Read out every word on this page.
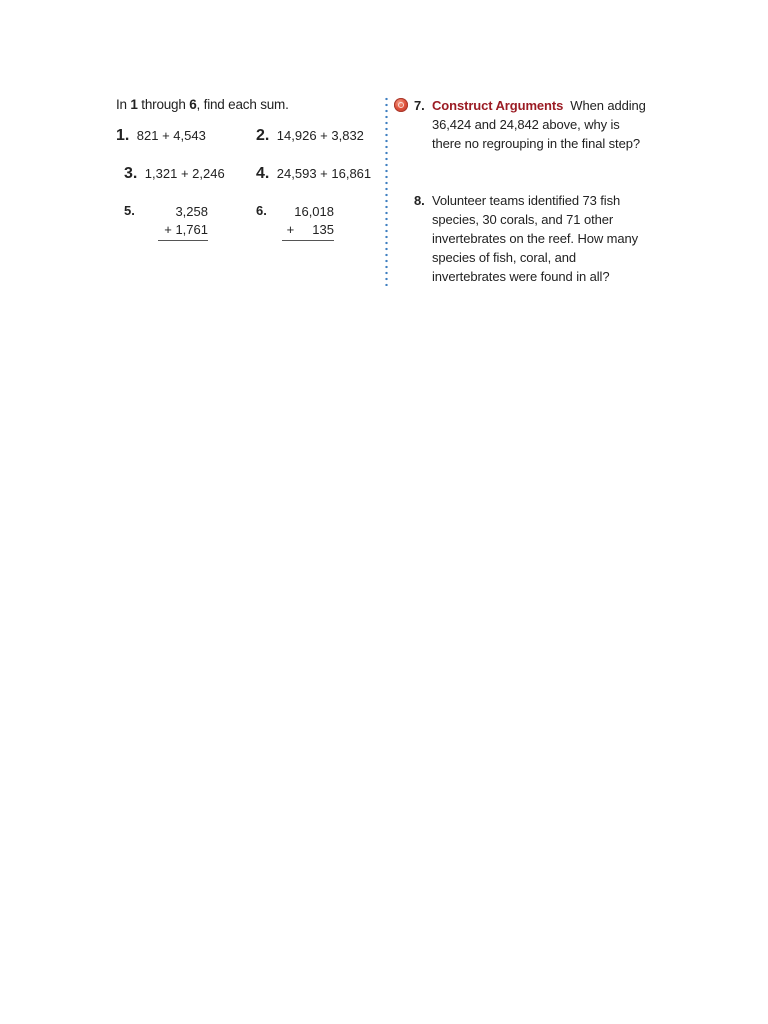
In 1 through 6, find each sum.

1. 821 + 4,543	2. 14,926 + 3,832
3. 1,321 + 2,246 4. 24,593 + 16,861
5.	3,258
+ 1,761
6.	16,018
+     135
7. Construct Arguments When adding 36,424 and 24,842 above, why is there no regrouping in the final step?
8. Volunteer teams identified 73 fish species, 30 corals, and 71 other invertebrates on the reef. How many species of fish, coral, and invertebrates were found in all?
